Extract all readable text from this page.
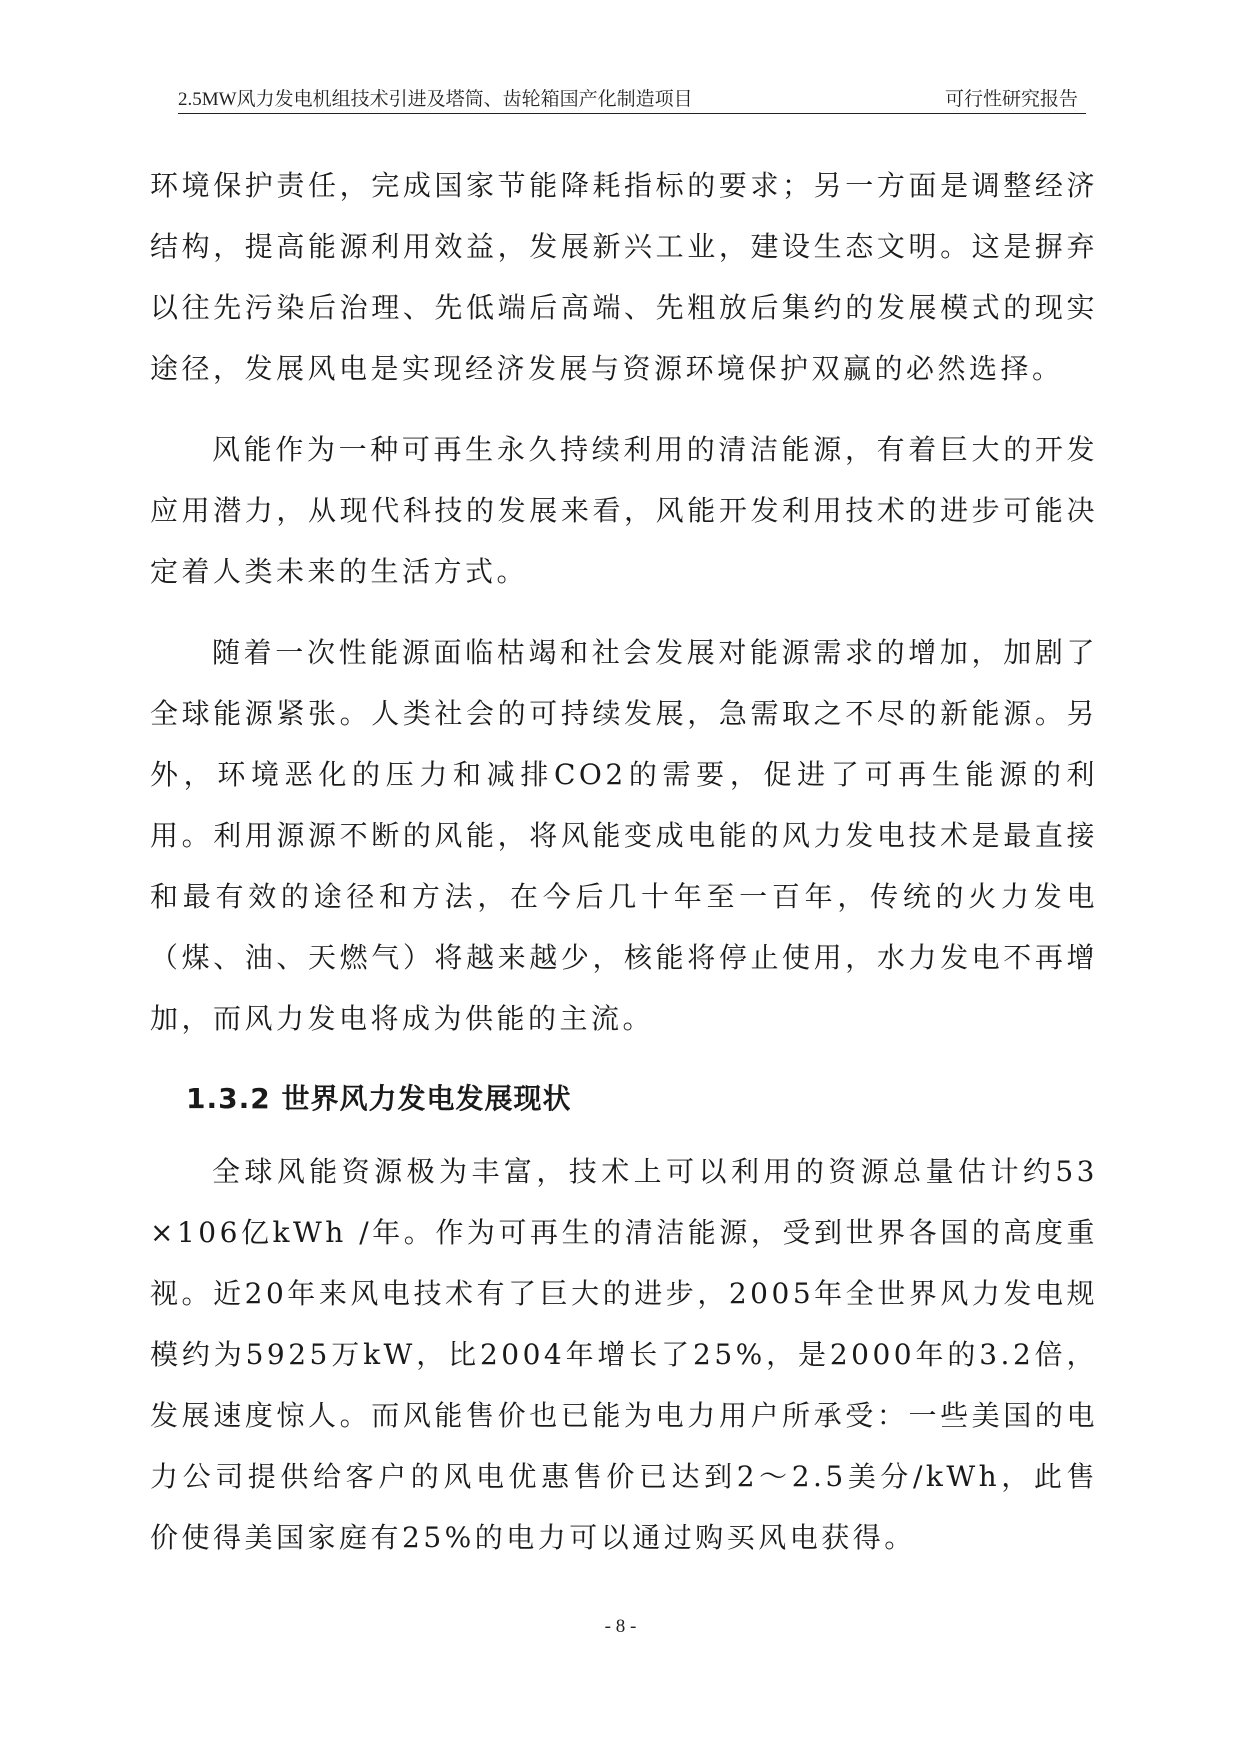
2.5MW风力发电机组技术引进及塔筒、齿轮箱国产化制造项目	可行性研究报告

环境保护责任，完成国家节能降耗指标的要求；另一方面是调整经济结构，提高能源利用效益，发展新兴工业，建设生态文明。这是摒弃以往先污染后治理、先低端后高端、先粗放后集约的发展模式的现实途径，发展风电是实现经济发展与资源环境保护双赢的必然选择。

风能作为一种可再生永久持续利用的清洁能源，有着巨大的开发应用潜力，从现代科技的发展来看，风能开发利用技术的进步可能决定着人类未来的生活方式。

随着一次性能源面临枯竭和社会发展对能源需求的增加，加剧了全球能源紧张。人类社会的可持续发展，急需取之不尽的新能源。另外，环境恶化的压力和减排CO2的需要，促进了可再生能源的利用。利用源源不断的风能，将风能变成电能的风力发电技术是最直接和最有效的途径和方法，在今后几十年至一百年，传统的火力发电（煤、油、天燃气）将越来越少，核能将停止使用，水力发电不再增加，而风力发电将成为供能的主流。

1.3.2 世界风力发电发展现状

全球风能资源极为丰富，技术上可以利用的资源总量估计约53×106亿kWh /年。作为可再生的清洁能源，受到世界各国的高度重视。近20年来风电技术有了巨大的进步，2005年全世界风力发电规模约为5925万kW，比2004年增长了25%，是2000年的3.2倍，发展速度惊人。而风能售价也已能为电力用户所承受：一些美国的电力公司提供给客户的风电优惠售价已达到2～2.5美分/kWh，此售价使得美国家庭有25%的电力可以通过购买风电获得。

- 8 -
